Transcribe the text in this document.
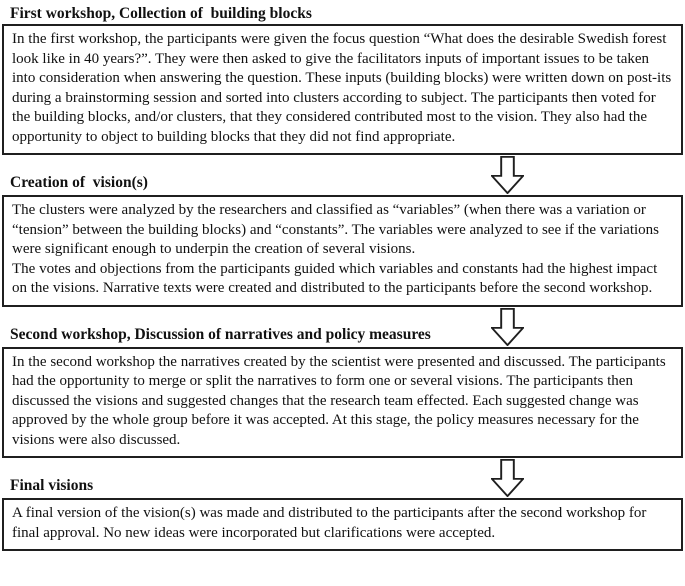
First workshop, Collection of  building blocks

In the first workshop, the participants were given the focus question “What does the desirable Swedish forest look like in 40 years?”. They were then asked to give the facilitators inputs of important issues to be taken into consideration when answering the question. These inputs (building blocks) were written down on post-its during a brainstorming session and sorted into clusters according to subject. The participants then voted for the building blocks, and/or clusters, that they considered contributed most to the vision. They also had the opportunity to object to building blocks that they did not find appropriate.

Creation of  vision(s)

The clusters were analyzed by the researchers and classified as “variables” (when there was a variation or “tension” between the building blocks) and “constants”. The variables were analyzed to see if the variations were significant enough to underpin the creation of several visions.

The votes and objections from the participants guided which variables and constants had the highest impact on the visions. Narrative texts were created and distributed to the participants before the second workshop.

Second workshop, Discussion of narratives and policy measures

In the second workshop the narratives created by the scientist were presented and discussed. The participants had the opportunity to merge or split the narratives to form one or several visions. The participants then discussed the visions and suggested changes that the research team effected. Each suggested change was approved by the whole group before it was accepted. At this stage, the policy measures necessary for the visions were also discussed.

Final visions

A final version of the vision(s) was made and distributed to the participants after the second workshop for final approval. No new ideas were incorporated but clarifications were accepted.
